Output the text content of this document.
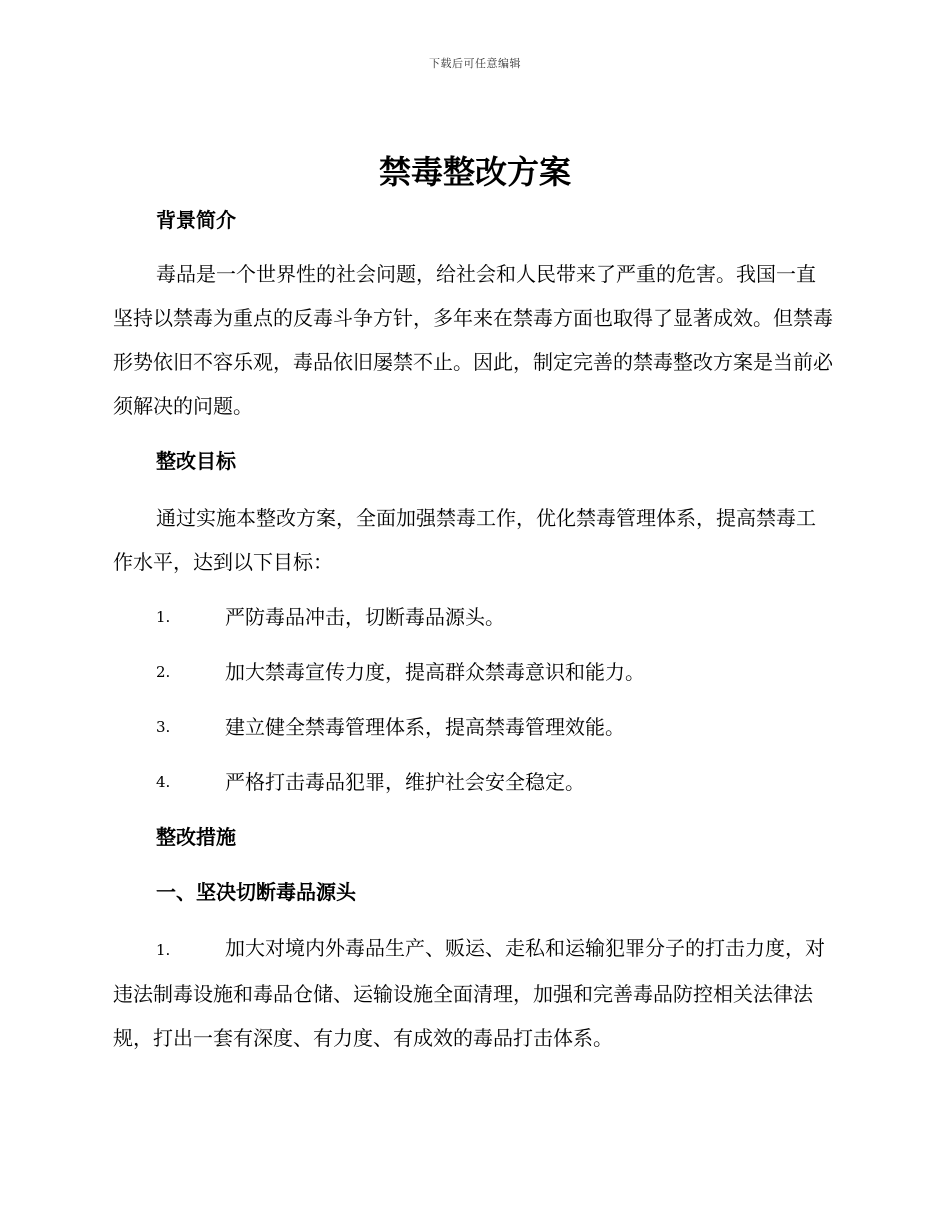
下载后可任意编辑
禁毒整改方案
背景简介

毒品是一个世界性的社会问题，给社会和人民带来了严重的危害。我国一直坚持以禁毒为重点的反毒斗争方针，多年来在禁毒方面也取得了显著成效。但禁毒形势依旧不容乐观，毒品依旧屡禁不止。因此，制定完善的禁毒整改方案是当前必须解决的问题。

整改目标

通过实施本整改方案，全面加强禁毒工作，优化禁毒管理体系，提高禁毒工作水平，达到以下目标：

1.	严防毒品冲击，切断毒品源头。
2.	加大禁毒宣传力度，提高群众禁毒意识和能力。
3.	建立健全禁毒管理体系，提高禁毒管理效能。
4.	严格打击毒品犯罪，维护社会安全稳定。
整改措施
一、坚决切断毒品源头

1.	加大对境内外毒品生产、贩运、走私和运输犯罪分子的打击力度，对违法制毒设施和毒品仓储、运输设施全面清理，加强和完善毒品防控相关法律法规，打出一套有深度、有力度、有成效的毒品打击体系。
